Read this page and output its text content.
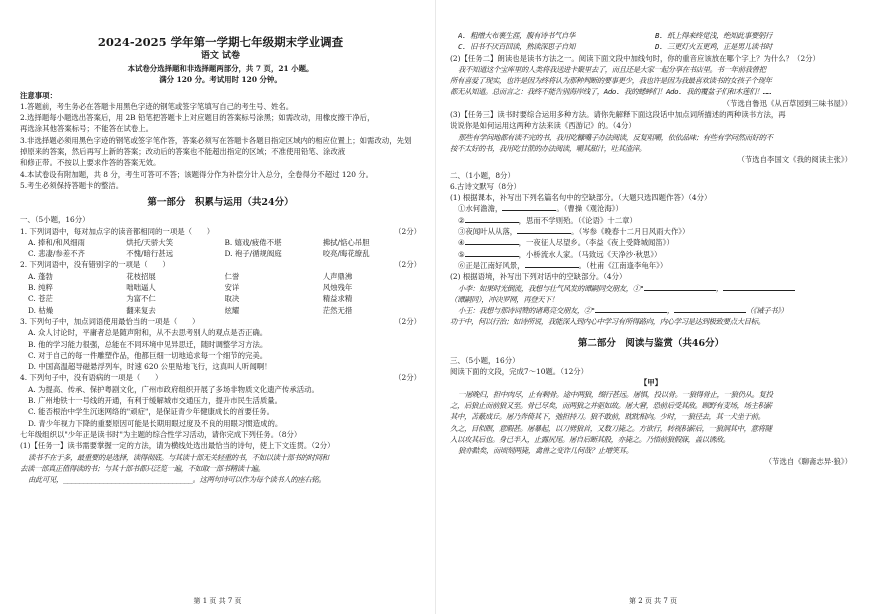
2024-2025 学年第一学期七年级期末学业调查
语文 试卷
本试卷分选择题和非选择题两部分，共 7 页，21 小题。
满分 120 分。考试用时 120 分钟。
注意事项：
1.答题前，考生务必在答题卡用黑色字迹的钢笔或签字笔填写自己的考生号、姓名。
2.选择题每小题选出答案后，用 2B 铅笔把答题卡上对应题目的答案标号涂黑；如需改动，用橡皮擦干净后，
再选涂其他答案标号；不能答在试卷上。
3.非选择题必须用黑色字迹的钢笔或签字笔作答，答案必须写在答题卡各题目指定区域内的相应位置上；如需改动，先划
掉原来的答案，然后再写上新的答案；改动后的答案也不能超出指定的区域；不准使用铅笔、涂改液
和修正带。不按以上要求作答的答案无效。
4.本试卷设有附加题，共 8 分，考生可答可不答；该题得分作为补偿分计入总分，全卷得分不超过 120 分。
5.考生必须保持答题卡的整洁。
第一部分　积累与运用（共24分）
一、（5小题，16分）
1. 下列词语中，每对加点字的读音都相同的一项是（　　）	（2分）
A. 捧和/和风细雨	烘托/天骄大笑	B. 嬉戏/疲倦不堪	拂拭/惦心吊胆
C. 悲凄/参差不齐	不愧/暗行甚远	D. 袍子/循规阀庭	咬亮/晦花缭乱
2. 下列词语中，没有错别字的一项是（　　）	（2分）
A. 蓬勃	花枝招展	仁誉	人声鼎沸
B. 纯粹	咄咄逼人	安详	风烛残年
C. 苍茫	为富不仁	取决	精益求精
D. 枯燥	翻来复去	炫耀	茫然无措
3. 下列句子中，加点词语使用最恰当的一项是（　　）	（2分）
A. 众人讨论时，平庸者总是随声附和，从不去思考别人的观点是否正确。
B. 他的学习能力很强，总能在不同环境中见异思迁，随时调整学习方法。
C. 对于自己的每一件雕塑作品，他都巨细一切地追求每一个细节的完美。
D. 中国高温超导磁悬浮列车，时速 620 公里贴地飞行，这真叫人听闻啊！
4. 下列句子中，没有语病的一项是（　　）	（2分）
A. 为提高、传承、保护粤剧文化，广州市政府组织开展了多场非物质文化遗产传承活动。
B. 广州地铁十一号线的开通，有利于缓解城市交通压力，提升市民生活质量。
C. 能否根治中学生沉迷网络的"顽症"，是保证青少年健康成长的首要任务。
D. 青少年视力下降的重要原因可能是长期用眼过度及不良的用眼习惯造成的。
七年级组织以"少年正是读书时"为主题的综合性学习活动，请你完成下列任务。（8分）
(1)【任务一】读书需要掌握一定的方法，请为横线处选出最恰当的诗句，使上下文连贯。（2分）
读书不在于多，最重要的是选择，读得彻底。与其读十部无关轻重的书，不如以读十部书的时间和
去读一部真正值得读的书；与其十部书都只泛览一遍，不如取一部书精读十遍。
由此可见，________________________________。这两句诗可以作为每个读书人的座右铭。
第 1 页 共 7 页
A. 粗缯大布裹生涯，腹有诗书气自华	B. 纸上得来终觉浅，绝知此事要躬行
C. 旧书不厌百回读，熟读深思子自知	D. 三更灯火五更鸡，正是男儿读书时
(2)【任务二】朗读也是读书方法之一。阅读下面文段中加线句时，你的重音应该放在哪个字上？为什么？（2分）
我不知道这个宝库里的人类将我送进卡聚里去了，而且还是大家一起分享在书店里。书一年前我曾把
所有喜爱了现实，也许是因为终将认为那种判断的要事更少，我也许是因为我最喜欢读书的女孩子个现年
都无从知道。总而言之：我终不能告别海岸线了，Ado. 我的蟋蟀们！Ado. 我的覆盆子们和木莲们！……
（节选自鲁迅《从百草园到三味书屋》）
(3)【任务三】读书时要综合运用多种方法。请你先解释下面这段话中加点词所描述的两种读书方法，再
说说你是如何运用这两种方法来读《西游记》的。（4分）
那些有学问地都有读不完的书，我用吃糠嘴子办法阅读，反复咀嚼，依依品味；有些有学问然而好的不
按不太好的书，我用吃甘蔗的办法阅读，嚼其甜汁，吐其渣滓。
（节选自李国文《我的阅读主张》）
二、（1小题，8分）
6.古诗文默写（8分）
(1) 根据课本，补写出下列名篇名句中的空缺部分。（大题只选四题作答）（4分）
①水何澹澹，	。（曹操《观沧海》）
②	，思而不学则殆。（《论语》十二章）
③夜闻叶从从落，	。（岑参《晚春十二月日风雨大作》）
④	，一夜征人尽望乡。（李益《夜上受降城闻笛》）
⑤	，小桥流水人家。（马致远《天净沙·秋思》）
⑥正是江南好风景，	。（杜甫《江南逢李龟年》）
(2) 根据语境，补写出下列对话中的空缺部分。（4分）
小李：如果时光倒流，我想与壮气风发的谭嗣同交朋友，①"	，
（谭嗣同），冲决罗网，再登天下！
小王：我想与那诗词赞的诸葛亮交朋友，②"	，	（《诫子书》）
功于中，何以行治；如诗所说，我能深入到内心中学习有所得路向，内心学习是达到极致要点大目标。
第二部分　阅读与鉴赏（共46分）
三、（5小题，16分）
阅读下面的文段，完成7～10题。（12分）
【甲】
一屠晚归，担中肉尽，止有剩骨。途中两狼，缀行甚远。屠惧，投以骨。一狼得骨止，一狼仍从。复投
之，后狼止而前狼又至。骨已尽矣，而两狼之并驱如故。屠大窘，恐前后受其敌。顾野有麦场，场主积薪
其中，苫蔽成丘。屠乃奔倚其下，弛担持刀。狼不敢前，眈眈相向。少时，一狼径去，其一犬坐于前。
久之，目似瞑，意暇甚。屠暴起，以刀劈狼首，又数刀毙之。方欲行，转视积薪后，一狼洞其中，意将隧
入以攻其后也。身已半入，止露尻尾。屠自后断其股，亦毙之。乃悟前狼假寐，盖以诱敌。
狼亦黠矣，而顷刻两毙，禽兽之变诈几何哉？止增笑耳。
（节选自《聊斋志异·狼》）
第 2 页 共 7 页
